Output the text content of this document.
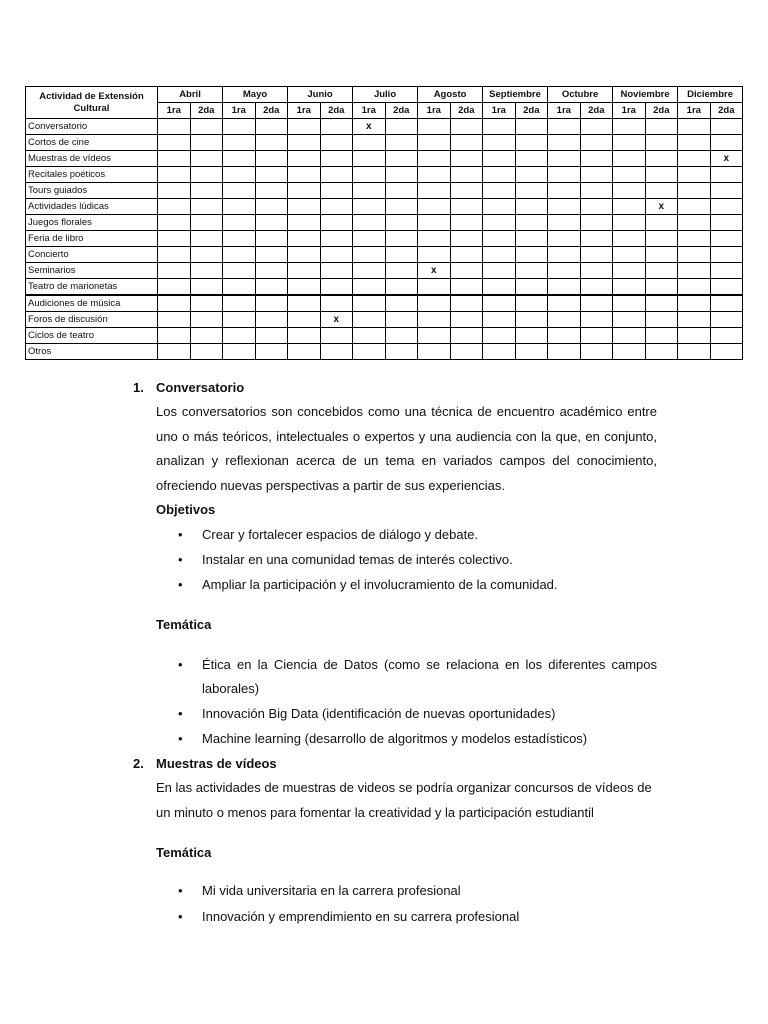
Actividad de Extensión Cultural	Abril		Mayo		Junio		Julio		Agosto		Septiembre		Octubre		Noviembre		Diciembre	
	1ra	2da	1ra	2da	1ra	2da	1ra	2da	1ra	2da	1ra	2da	1ra	2da	1ra	2da	1ra	2da
Conversatorio							x											
Cortos de cine																		
Muestras de vídeos																		x
Recitales poéticos																		
Tours guiados																		
Actividades lúdicas																x		
Juegos florales																		
Feria de libro																		
Concierto																		
Seminarios									x									
Teatro de marionetas																		
Audiciones de música																		
Foros de discusión						x												
Ciclos de teatro																		
Otros																		
1. Conversatorio
Los conversatorios son concebidos como una técnica de encuentro académico entre
uno o más teóricos, intelectuales o expertos y una audiencia con la que, en conjunto,
analizan y reflexionan acerca de un tema en variados campos del conocimiento,
ofreciendo nuevas perspectivas a partir de sus experiencias.
Objetivos
• Crear y fortalecer espacios de diálogo y debate.
• Instalar en una comunidad temas de interés colectivo.
• Ampliar la participación y el involucramiento de la comunidad.
Temática
• Ética en la Ciencia de Datos (como se relaciona en los diferentes campos
laborales)
• Innovación Big Data (identificación de nuevas oportunidades)
• Machine learning (desarrollo de algoritmos y modelos estadísticos)
2. Muestras de vídeos
En las actividades de muestras de videos se podría organizar concursos de vídeos de
un minuto o menos para fomentar la creatividad y la participación estudiantil
Temática
• Mi vida universitaria en la carrera profesional
• Innovación y emprendimiento en su carrera profesional
